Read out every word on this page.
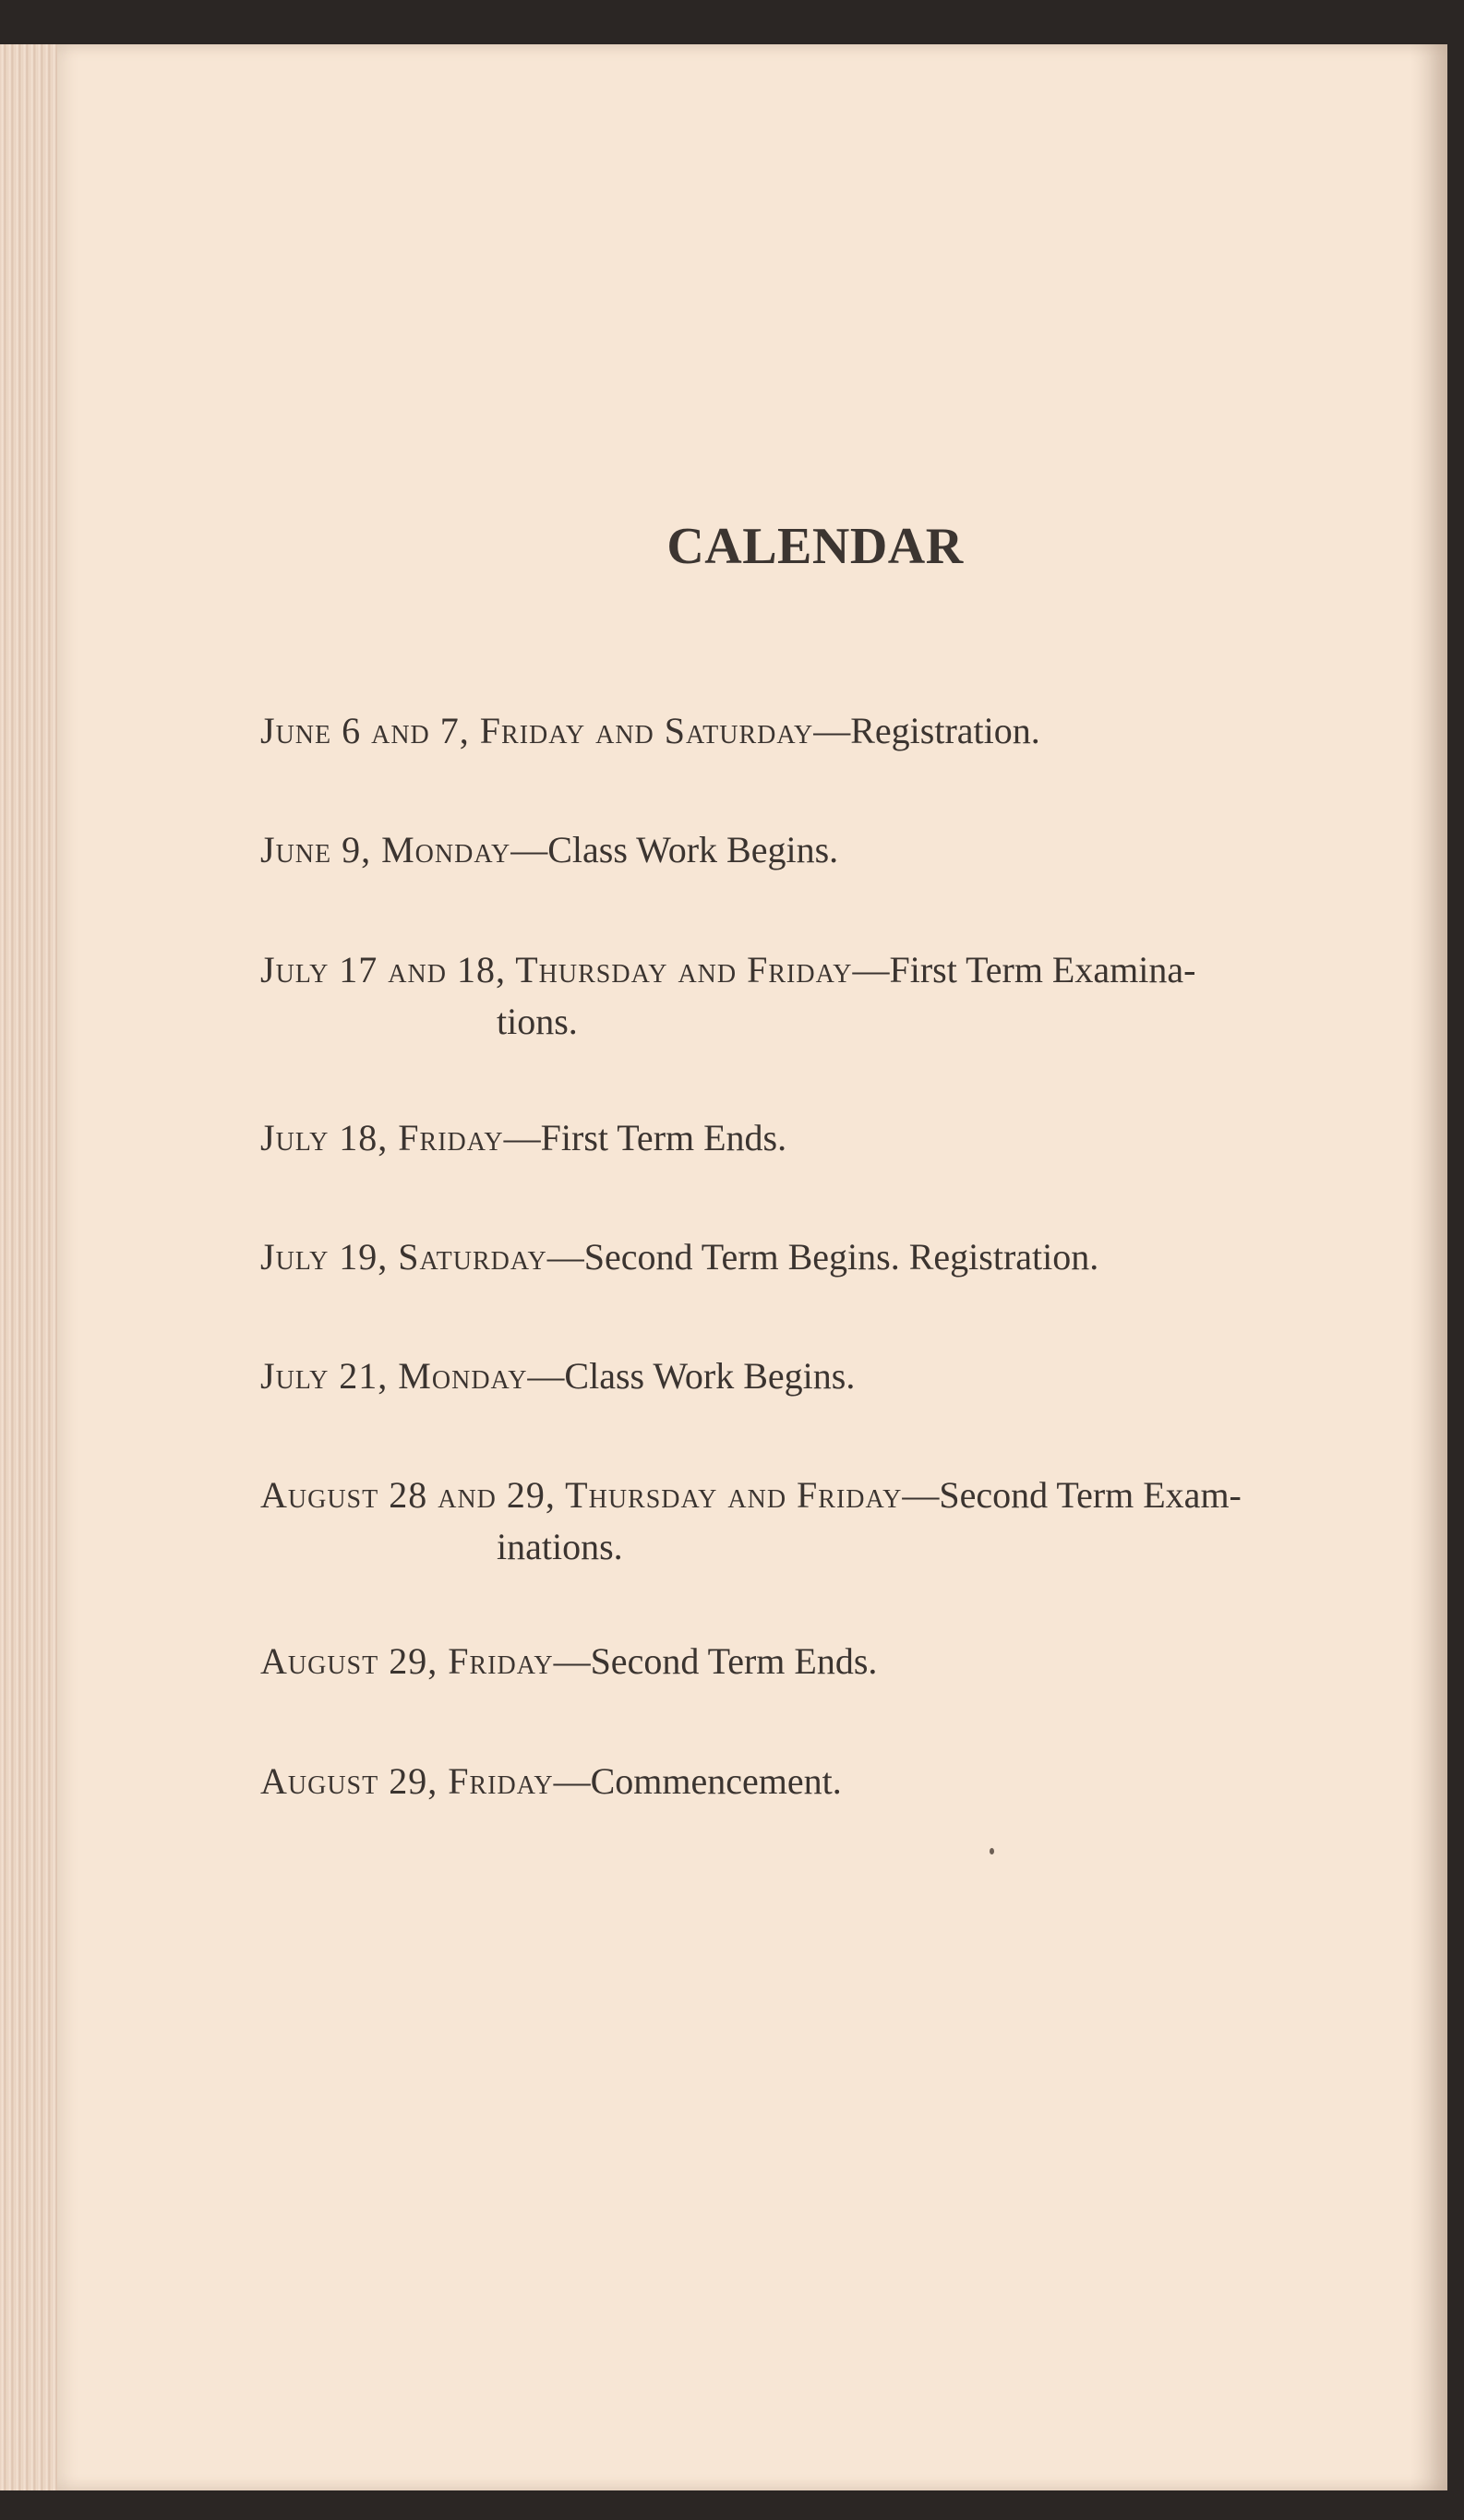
CALENDAR
June 6 and 7, Friday and Saturday—Registration.
June 9, Monday—Class Work Begins.
July 17 and 18, Thursday and Friday—First Term Examina-
tions.
July 18, Friday—First Term Ends.
July 19, Saturday—Second Term Begins. Registration.
July 21, Monday—Class Work Begins.
August 28 and 29, Thursday and Friday—Second Term Exam-
inations.
August 29, Friday—Second Term Ends.
August 29, Friday—Commencement.
